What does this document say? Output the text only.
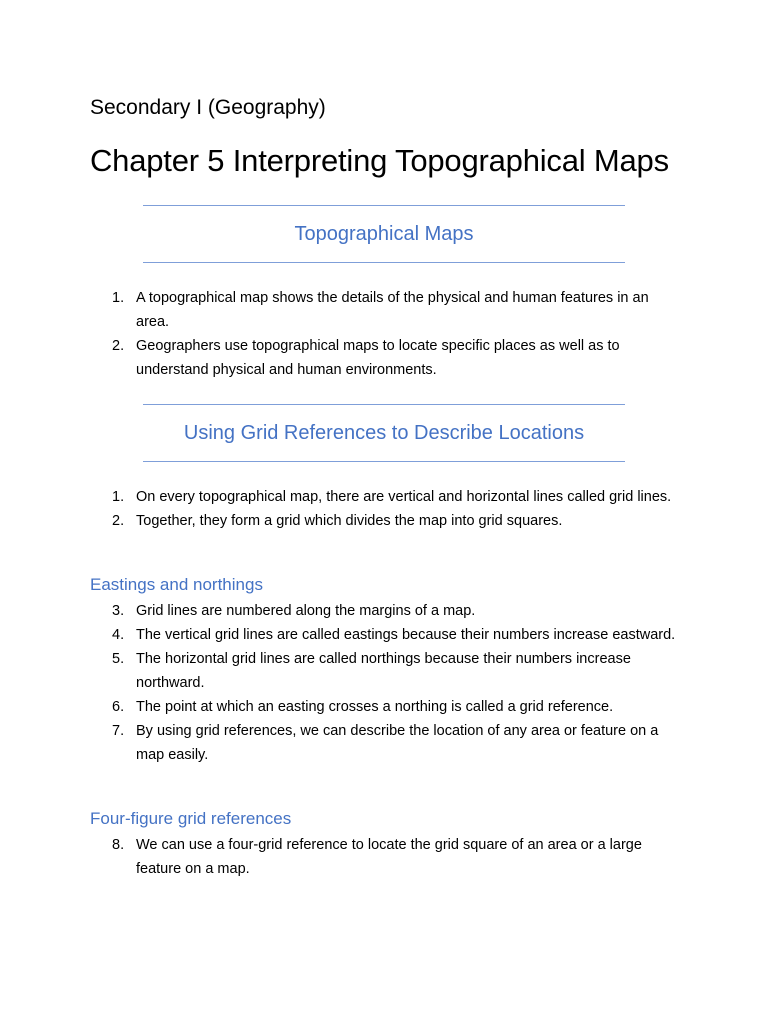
Secondary I (Geography)
Chapter 5 Interpreting Topographical Maps
Topographical Maps
1. A topographical map shows the details of the physical and human features in an area.
2. Geographers use topographical maps to locate specific places as well as to understand physical and human environments.
Using Grid References to Describe Locations
1. On every topographical map, there are vertical and horizontal lines called grid lines.
2. Together, they form a grid which divides the map into grid squares.
Eastings and northings
3. Grid lines are numbered along the margins of a map.
4. The vertical grid lines are called eastings because their numbers increase eastward.
5. The horizontal grid lines are called northings because their numbers increase northward.
6. The point at which an easting crosses a northing is called a grid reference.
7. By using grid references, we can describe the location of any area or feature on a map easily.
Four-figure grid references
8. We can use a four-grid reference to locate the grid square of an area or a large feature on a map.
